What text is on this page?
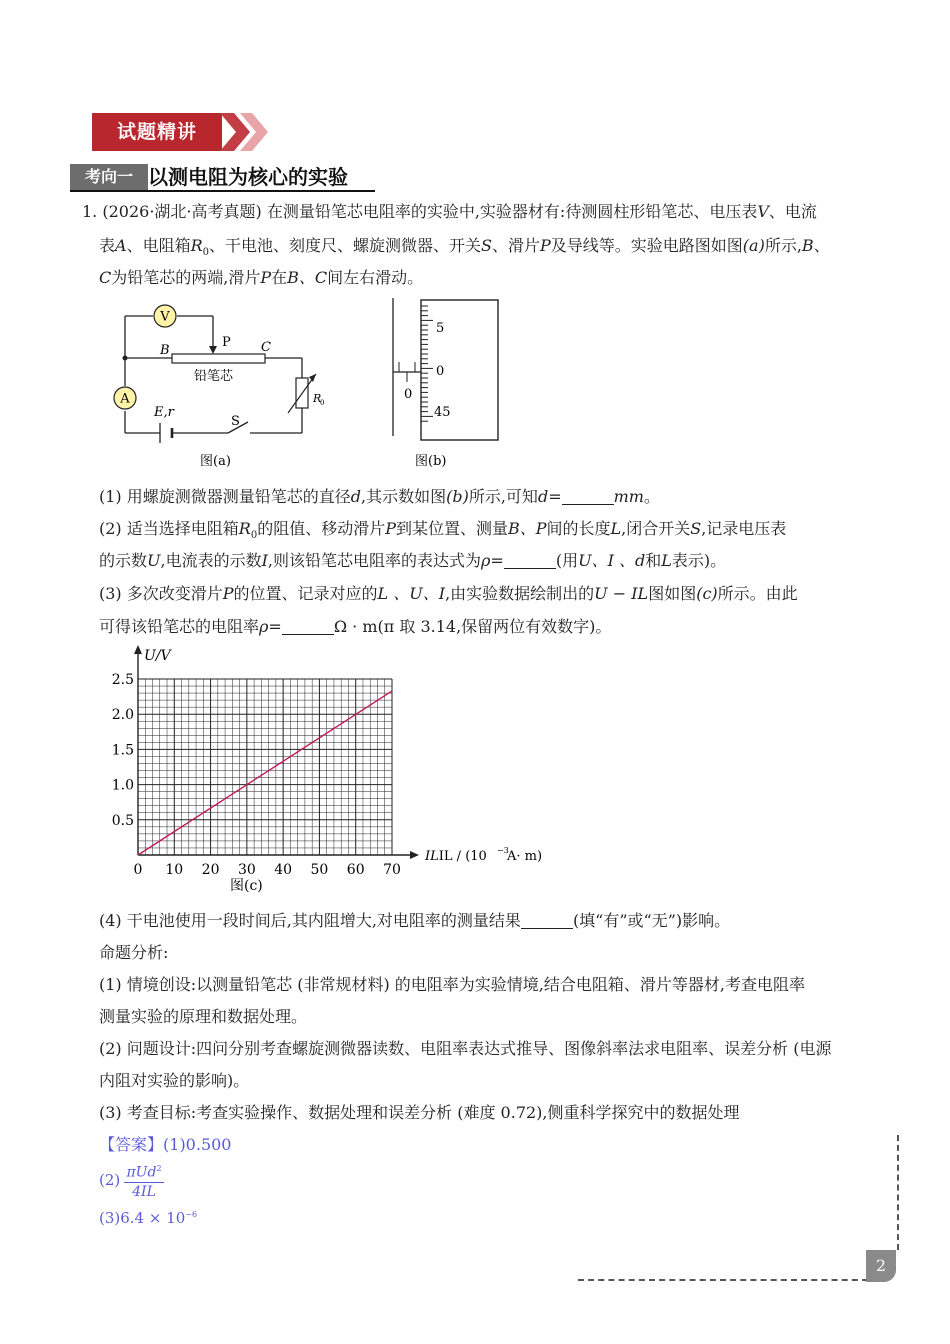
试题精讲
考向一 以测电阻为核心的实验
1. (2026·湖北·高考真题) 在测量铅笔芯电阻率的实验中,实验器材有:待测圆柱形铅笔芯、电压表V、电流
表A、电阻箱$R_0$、干电池、刻度尺、螺旋测微器、开关S、滑片P及导线等。实验电路图如图(a)所示,B、
C为铅笔芯的两端,滑片P在B、C间左右滑动。
V
A
P
B	C
铅笔芯
E,r
S
R
0
图(a)
0
5
0
45
图(b)
(1) 用螺旋测微器测量铅笔芯的直径d,其示数如图(b)所示,可知d=	mm。
(2) 适当选择电阻箱$R_0$的阻值、移动滑片P到某位置、测量B、P间的长度L,闭合开关S,记录电压表
的示数U,电流表的示数I,则该铅笔芯电阻率的表达式为ρ=	(用U、I 、d和L表示)。
(3) 多次改变滑片P的位置、记录对应的L 、U、I,由实验数据绘制出的U − IL图如图(c)所示。由此
可得该铅笔芯的电阻率ρ=	Ω · m(π 取 3.14,保留两位有效数字)。
0.5
1.0
1.5
2.0
2.5
0 10 20 30 40 50 60 70
U/V
ILIL / (10 −3
A· m)
图(c)
(4) 干电池使用一段时间后,其内阻增大,对电阻率的测量结果	(填“有”或“无”)影响。
命题分析:
(1) 情境创设:以测量铅笔芯 (非常规材料) 的电阻率为实验情境,结合电阻箱、滑片等器材,考查电阻率
测量实验的原理和数据处理。
(2) 问题设计:四问分别考查螺旋测微器读数、电阻率表达式推导、图像斜率法求电阻率、误差分析 (电源
内阻对实验的影响)。
(3) 考查目标:考查实验操作、数据处理和误差分析 (难度 0.72),侧重科学探究中的数据处理
【答案】(1)0.500
(2) πUd$^2$
4IL
$(3)6.4 \times 10^{-6}$
2
